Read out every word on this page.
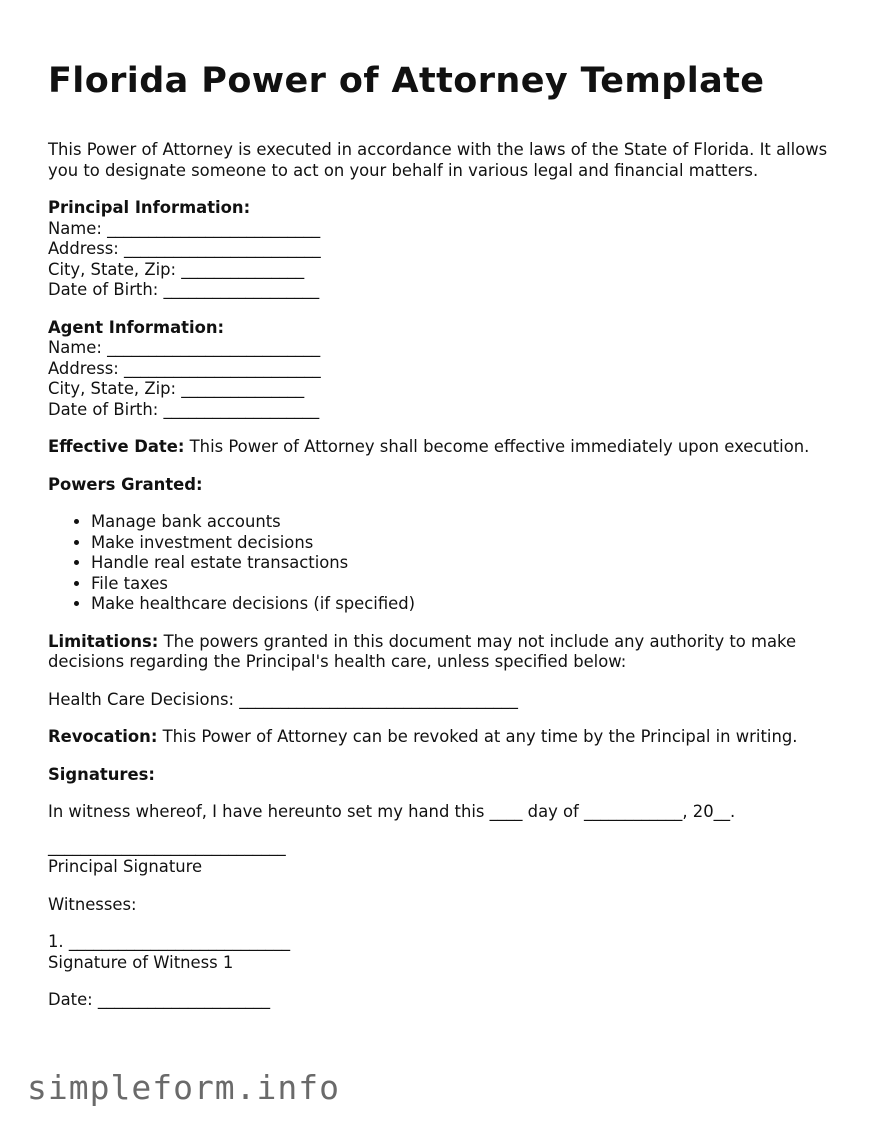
Florida Power of Attorney Template

This Power of Attorney is executed in accordance with the laws of the State of Florida. It allows you to designate someone to act on your behalf in various legal and financial matters.

Principal Information:
Name: __________________________
Address: ________________________
City, State, Zip: _______________
Date of Birth: ___________________
Agent Information:
Name: __________________________
Address: ________________________
City, State, Zip: _______________
Date of Birth: ___________________

Effective Date: This Power of Attorney shall become effective immediately upon execution.

Powers Granted:

• Manage bank accounts
• Make investment decisions
• Handle real estate transactions
• File taxes
• Make healthcare decisions (if specified)

Limitations: The powers granted in this document may not include any authority to make decisions regarding the Principal's health care, unless specified below:

Health Care Decisions: __________________________________

Revocation: This Power of Attorney can be revoked at any time by the Principal in writing.

Signatures:

In witness whereof, I have hereunto set my hand this ____ day of ____________, 20__.

_____________________________
Principal Signature

Witnesses:

1. ___________________________
Signature of Witness 1

Date: _____________________

simpleform.info
